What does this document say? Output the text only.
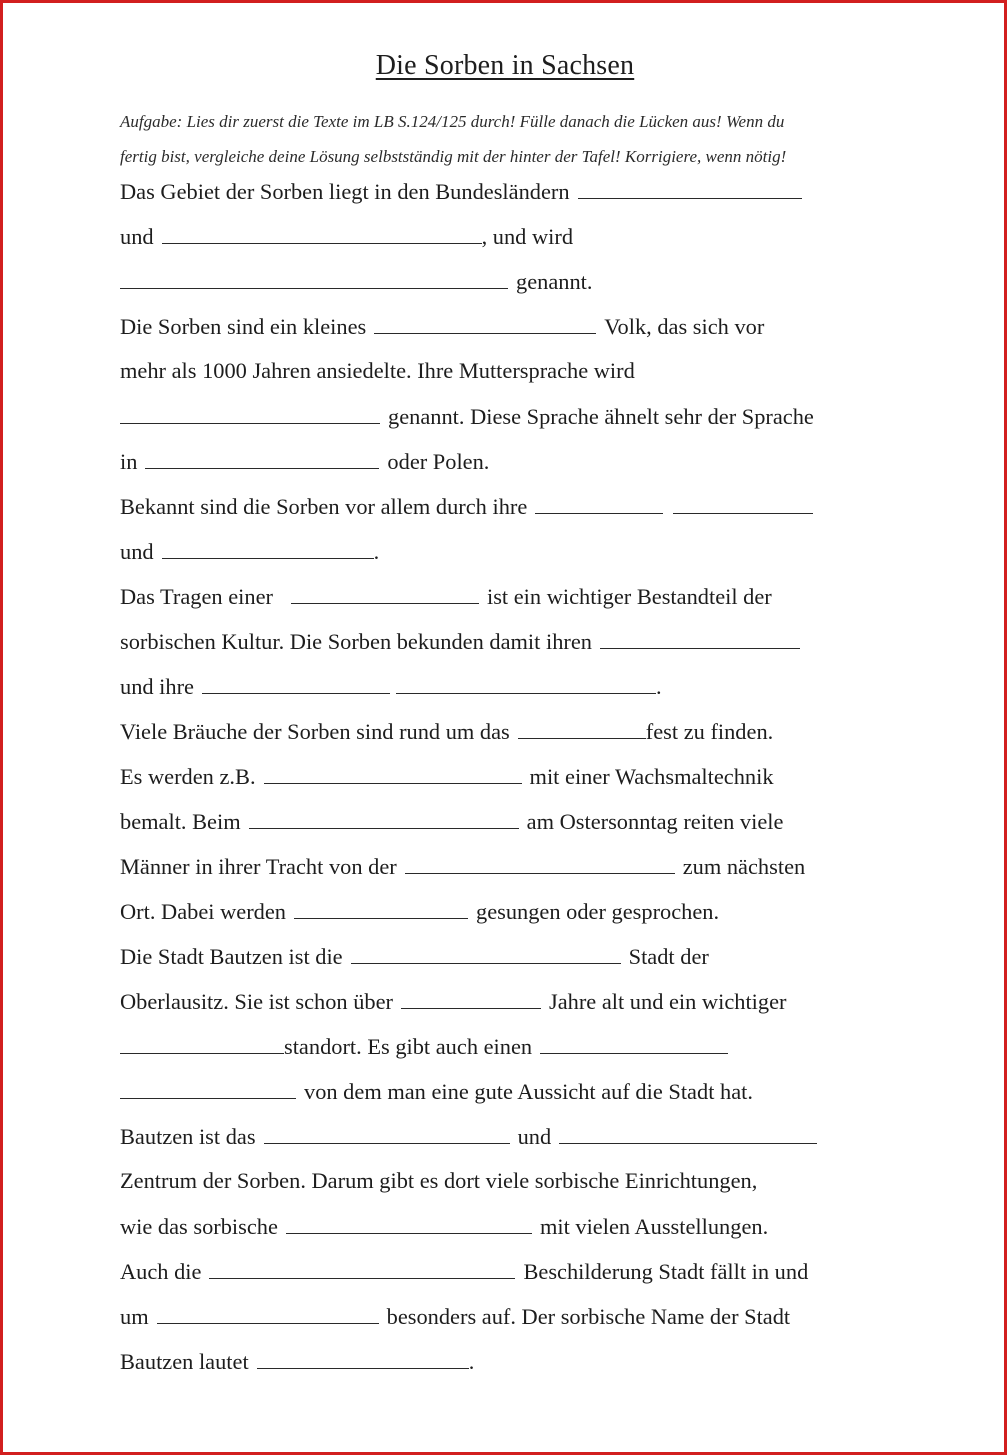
Die Sorben in Sachsen
Aufgabe: Lies dir zuerst die Texte im LB S.124/125 durch! Fülle danach die Lücken aus! Wenn du
fertig bist, vergleiche deine Lösung selbstständig mit der hinter der Tafel! Korrigiere, wenn nötig!
Das Gebiet der Sorben liegt in den Bundesländern
und	, und wird
genannt.
Die Sorben sind ein kleines	Volk, das sich vor
mehr als 1000 Jahren ansiedelte. Ihre Muttersprache wird
genannt. Diese Sprache ähnelt sehr der Sprache
in	oder Polen.
Bekannt sind die Sorben vor allem durch ihre
und	.
Das Tragen einer	ist ein wichtiger Bestandteil der
sorbischen Kultur. Die Sorben bekunden damit ihren
und ihre	.
Viele Bräuche der Sorben sind rund um das	fest zu finden.
Es werden z.B.	mit einer Wachsmaltechnik
bemalt. Beim	am Ostersonntag reiten viele
Männer in ihrer Tracht von der	zum nächsten
Ort. Dabei werden	gesungen oder gesprochen.
Die Stadt Bautzen ist die	Stadt der
Oberlausitz. Sie ist schon über	Jahre alt und ein wichtiger
standort. Es gibt auch einen
von dem man eine gute Aussicht auf die Stadt hat.
Bautzen ist das	und
Zentrum der Sorben. Darum gibt es dort viele sorbische Einrichtungen,
wie das sorbische	mit vielen Ausstellungen.
Auch die	Beschilderung Stadt fällt in und
um	besonders auf. Der sorbische Name der Stadt
Bautzen lautet	.
